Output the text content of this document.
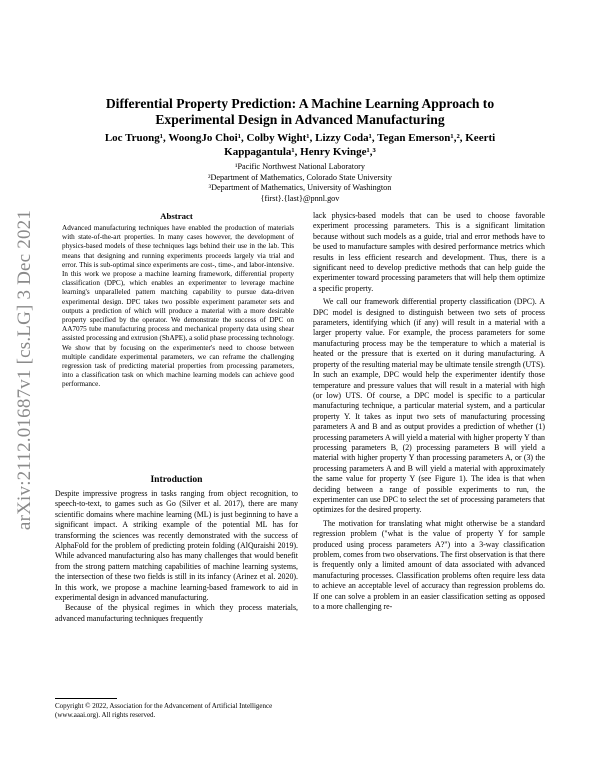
arXiv:2112.01687v1 [cs.LG] 3 Dec 2021
Differential Property Prediction: A Machine Learning Approach to Experimental Design in Advanced Manufacturing
Loc Truong¹, WoongJo Choi¹, Colby Wight¹, Lizzy Coda¹, Tegan Emerson¹,², Keerti Kappagantula¹, Henry Kvinge¹,³
¹Pacific Northwest National Laboratory
²Department of Mathematics, Colorado State University
³Department of Mathematics, University of Washington
{first}.{last}@pnnl.gov
Abstract
Advanced manufacturing techniques have enabled the production of materials with state-of-the-art properties. In many cases however, the development of physics-based models of these techniques lags behind their use in the lab. This means that designing and running experiments proceeds largely via trial and error. This is sub-optimal since experiments are cost-, time-, and labor-intensive. In this work we propose a machine learning framework, differential property classification (DPC), which enables an experimenter to leverage machine learning's unparalleled pattern matching capability to pursue data-driven experimental design. DPC takes two possible experiment parameter sets and outputs a prediction of which will produce a material with a more desirable property specified by the operator. We demonstrate the success of DPC on AA7075 tube manufacturing process and mechanical property data using shear assisted processing and extrusion (ShAPE), a solid phase processing technology. We show that by focusing on the experimenter's need to choose between multiple candidate experimental parameters, we can reframe the challenging regression task of predicting material properties from processing parameters, into a classification task on which machine learning models can achieve good performance.
Introduction

Despite impressive progress in tasks ranging from object recognition, to speech-to-text, to games such as Go (Silver et al. 2017), there are many scientific domains where machine learning (ML) is just beginning to have a significant impact. A striking example of the potential ML has for transforming the sciences was recently demonstrated with the success of AlphaFold for the problem of predicting protein folding (AlQuraishi 2019). While advanced manufacturing also has many challenges that would benefit from the strong pattern matching capabilities of machine learning systems, the intersection of these two fields is still in its infancy (Arinez et al. 2020). In this work, we propose a machine learning-based framework to aid in experimental design in advanced manufacturing.

Because of the physical regimes in which they process materials, advanced manufacturing techniques frequently

Copyright © 2022, Association for the Advancement of Artificial Intelligence (www.aaai.org). All rights reserved.

lack physics-based models that can be used to choose favorable experiment processing parameters. This is a significant limitation because without such models as a guide, trial and error methods have to be used to manufacture samples with desired performance metrics which results in less efficient research and development. Thus, there is a significant need to develop predictive methods that can help guide the experimenter toward processing parameters that will help them optimize a specific property.

We call our framework differential property classification (DPC). A DPC model is designed to distinguish between two sets of process parameters, identifying which (if any) will result in a material with a larger property value. For example, the process parameters for some manufacturing process may be the temperature to which a material is heated or the pressure that is exerted on it during manufacturing. A property of the resulting material may be ultimate tensile strength (UTS). In such an example, DPC would help the experimenter identify those temperature and pressure values that will result in a material with high (or low) UTS. Of course, a DPC model is specific to a particular manufacturing technique, a particular material system, and a particular property Y. It takes as input two sets of manufacturing processing parameters A and B and as output provides a prediction of whether (1) processing parameters A will yield a material with higher property Y than processing parameters B, (2) processing parameters B will yield a material with higher property Y than processing parameters A, or (3) the processing parameters A and B will yield a material with approximately the same value for property Y (see Figure 1). The idea is that when deciding between a range of possible experiments to run, the experimenter can use DPC to select the set of processing parameters that optimizes for the desired property.

The motivation for translating what might otherwise be a standard regression problem ("what is the value of property Y for sample produced using process parameters A?") into a 3-way classification problem, comes from two observations. The first observation is that there is frequently only a limited amount of data associated with advanced manufacturing processes. Classification problems often require less data to achieve an acceptable level of accuracy than regression problems do. If one can solve a problem in an easier classification setting as opposed to a more challenging re-
